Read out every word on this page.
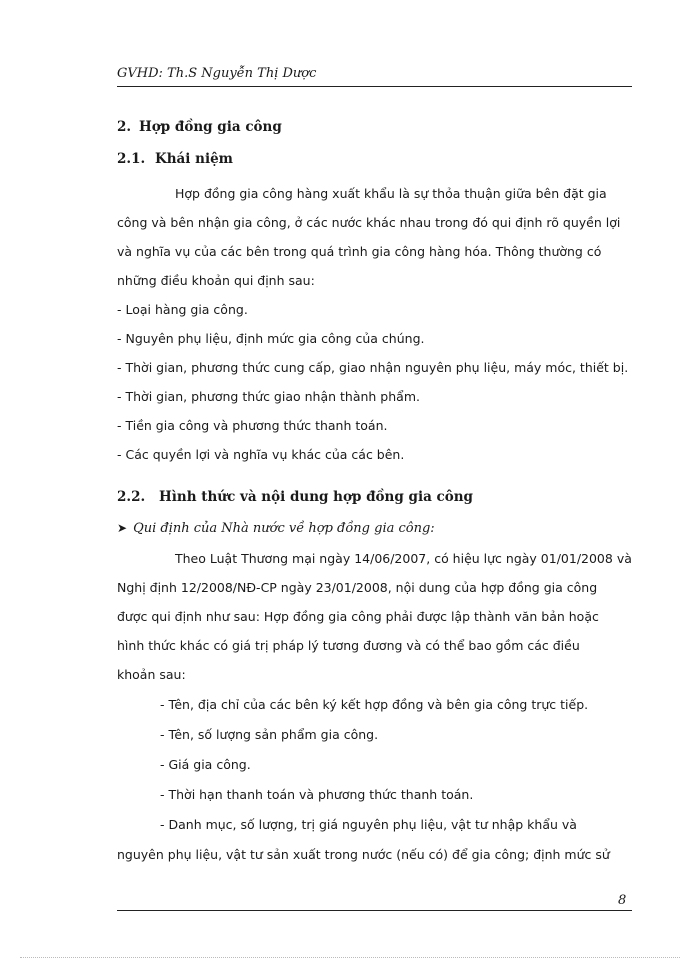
GVHD: Th.S Nguyễn Thị Dược
2. Hợp đồng gia công
2.1. Khái niệm
Hợp đồng gia công hàng xuất khẩu là sự thỏa thuận giữa bên đặt gia
công và bên nhận gia công, ở các nước khác nhau trong đó qui định rõ quyền lợi
và nghĩa vụ của các bên trong quá trình gia công hàng hóa. Thông thường có
những điều khoản qui định sau:
- Loại hàng gia công.
- Nguyên phụ liệu, định mức gia công của chúng.
- Thời gian, phương thức cung cấp, giao nhận nguyên phụ liệu, máy móc, thiết bị.
- Thời gian, phương thức giao nhận thành phẩm.
- Tiền gia công và phương thức thanh toán.
- Các quyền lợi và nghĩa vụ khác của các bên.
2.2. Hình thức và nội dung hợp đồng gia công
➤ Qui định của Nhà nước về hợp đồng gia công:
Theo Luật Thương mại ngày 14/06/2007, có hiệu lực ngày 01/01/2008 và
Nghị định 12/2008/NĐ-CP ngày 23/01/2008, nội dung của hợp đồng gia công
được qui định như sau: Hợp đồng gia công phải được lập thành văn bản hoặc
hình thức khác có giá trị pháp lý tương đương và có thể bao gồm các điều
khoản sau:
- Tên, địa chỉ của các bên ký kết hợp đồng và bên gia công trực tiếp.
- Tên, số lượng sản phẩm gia công.
- Giá gia công.
- Thời hạn thanh toán và phương thức thanh toán.
- Danh mục, số lượng, trị giá nguyên phụ liệu, vật tư nhập khẩu và
nguyên phụ liệu, vật tư sản xuất trong nước (nếu có) để gia công; định mức sử
8
